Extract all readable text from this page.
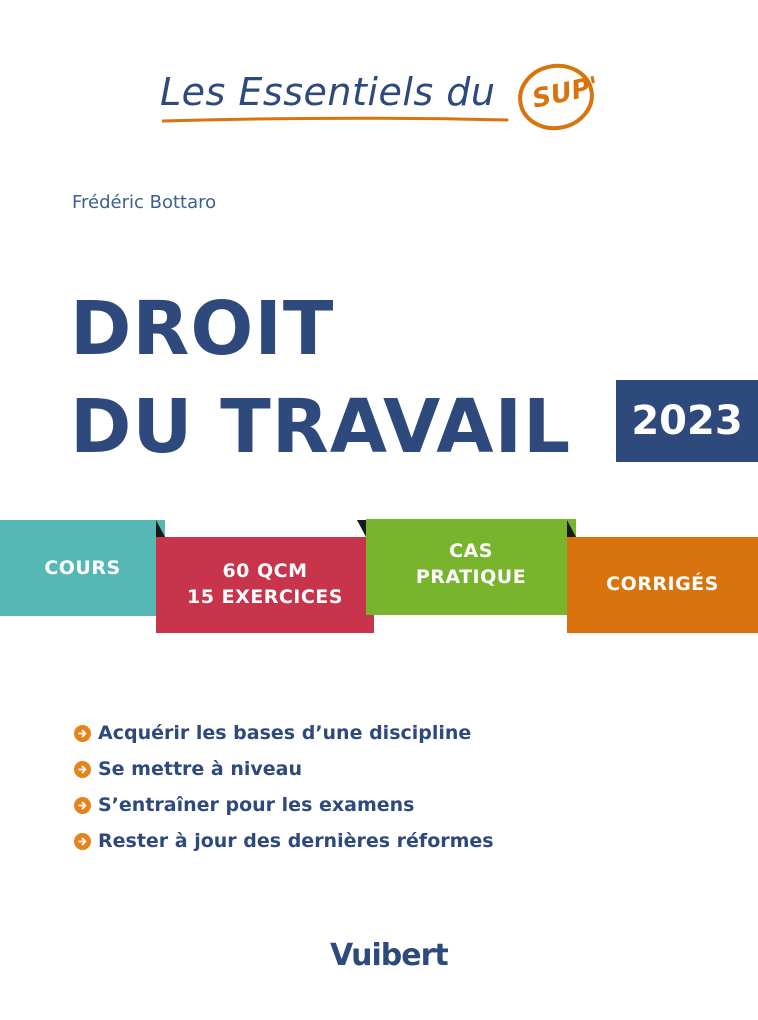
Les Essentiels du SUP'
Frédéric Bottaro
DROIT
DU TRAVAIL 2023
COURS	60 QCM
15 EXERCICES
CAS
PRATIQUE	CORRIGÉS
Acquérir les bases d’une discipline
Se mettre à niveau
S’entraîner pour les examens
Rester à jour des dernières réformes
Vuibert
